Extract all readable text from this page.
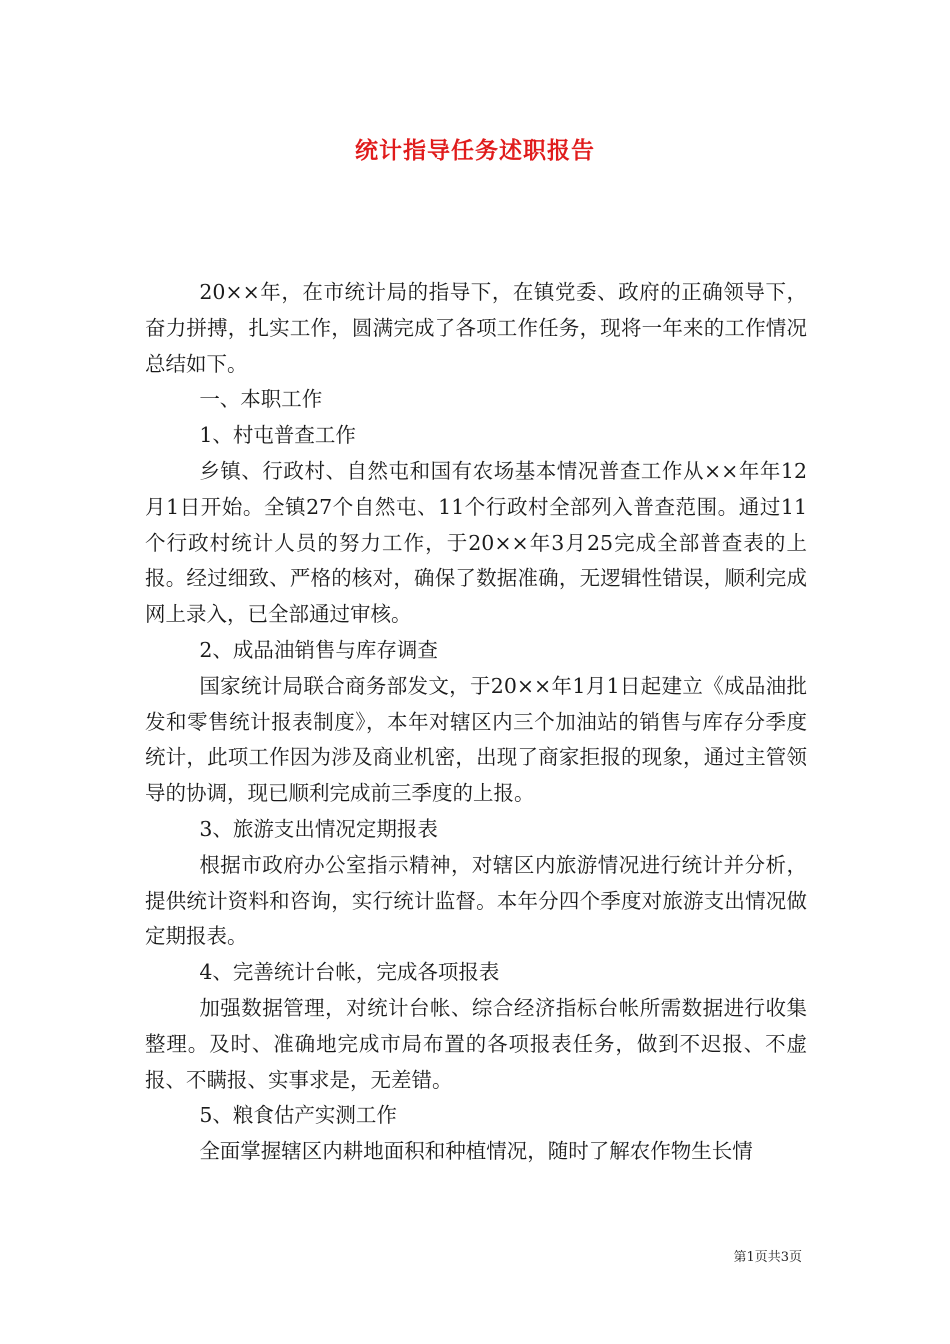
统计指导任务述职报告

20××年，在市统计局的指导下，在镇党委、政府的正确领导下，奋力拼搏，扎实工作，圆满完成了各项工作任务，现将一年来的工作情况总结如下。

一、本职工作

1、村屯普查工作

乡镇、行政村、自然屯和国有农场基本情况普查工作从××年年12月1日开始。全镇27个自然屯、11个行政村全部列入普查范围。通过11个行政村统计人员的努力工作，于20××年3月25完成全部普查表的上报。经过细致、严格的核对，确保了数据准确，无逻辑性错误，顺利完成网上录入，已全部通过审核。

2、成品油销售与库存调查

国家统计局联合商务部发文，于20××年1月1日起建立《成品油批发和零售统计报表制度》，本年对辖区内三个加油站的销售与库存分季度统计，此项工作因为涉及商业机密，出现了商家拒报的现象，通过主管领导的协调，现已顺利完成前三季度的上报。

3、旅游支出情况定期报表

根据市政府办公室指示精神，对辖区内旅游情况进行统计并分析，提供统计资料和咨询，实行统计监督。本年分四个季度对旅游支出情况做定期报表。

4、完善统计台帐，完成各项报表

加强数据管理，对统计台帐、综合经济指标台帐所需数据进行收集整理。及时、准确地完成市局布置的各项报表任务，做到不迟报、不虚报、不瞒报、实事求是，无差错。

5、粮食估产实测工作

全面掌握辖区内耕地面积和种植情况，随时了解农作物生长情

第1页共3页
